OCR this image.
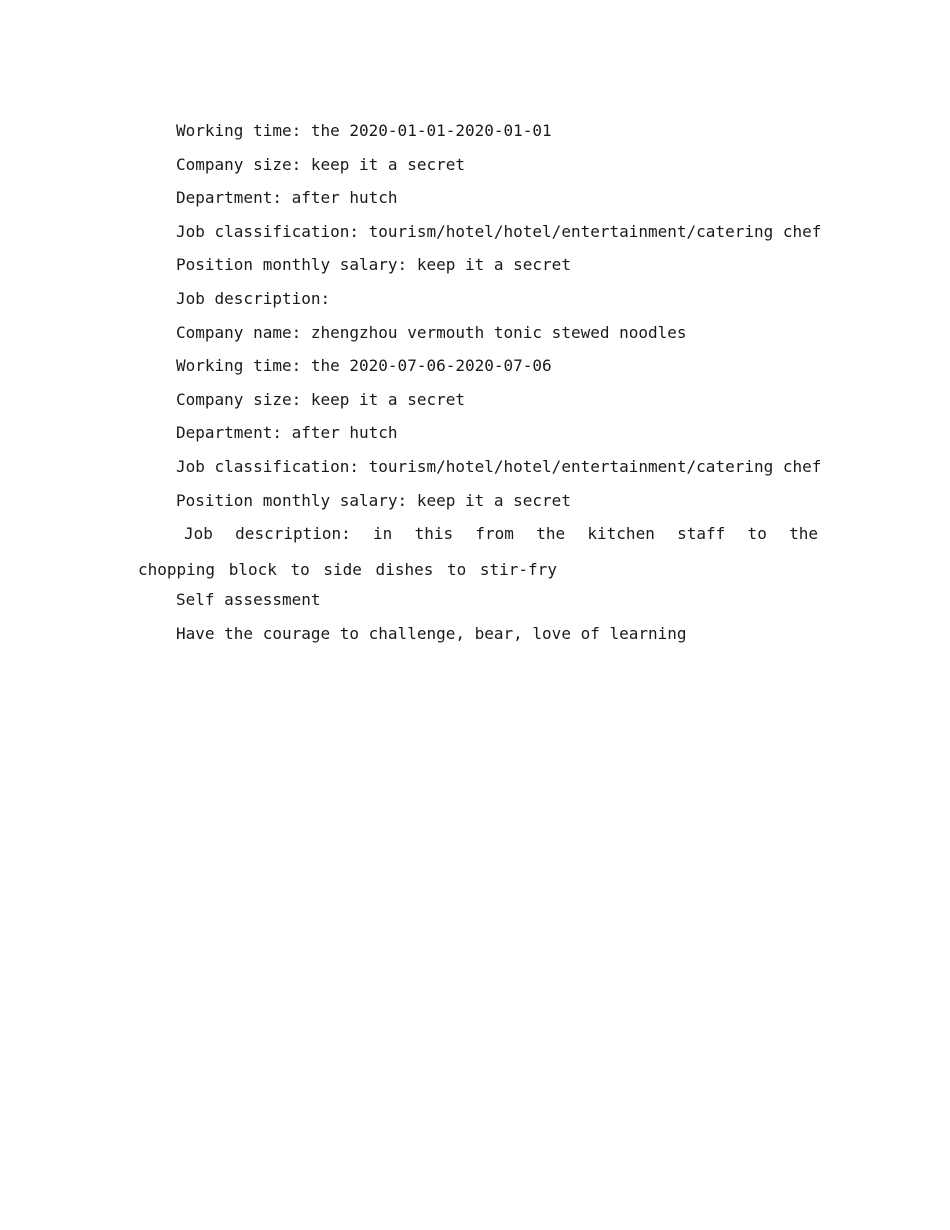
Working time: the 2020-01-01-2020-01-01

Company size: keep it a secret

Department: after hutch

Job classification: tourism/hotel/hotel/entertainment/catering chef

Position monthly salary: keep it a secret

Job description:

Company name: zhengzhou vermouth tonic stewed noodles

Working time: the 2020-07-06-2020-07-06

Company size: keep it a secret

Department: after hutch

Job classification: tourism/hotel/hotel/entertainment/catering chef

Position monthly salary: keep it a secret

Job description: in this from the kitchen staff to the chopping block to side dishes to stir-fry

Self assessment

Have the courage to challenge, bear, love of learning
